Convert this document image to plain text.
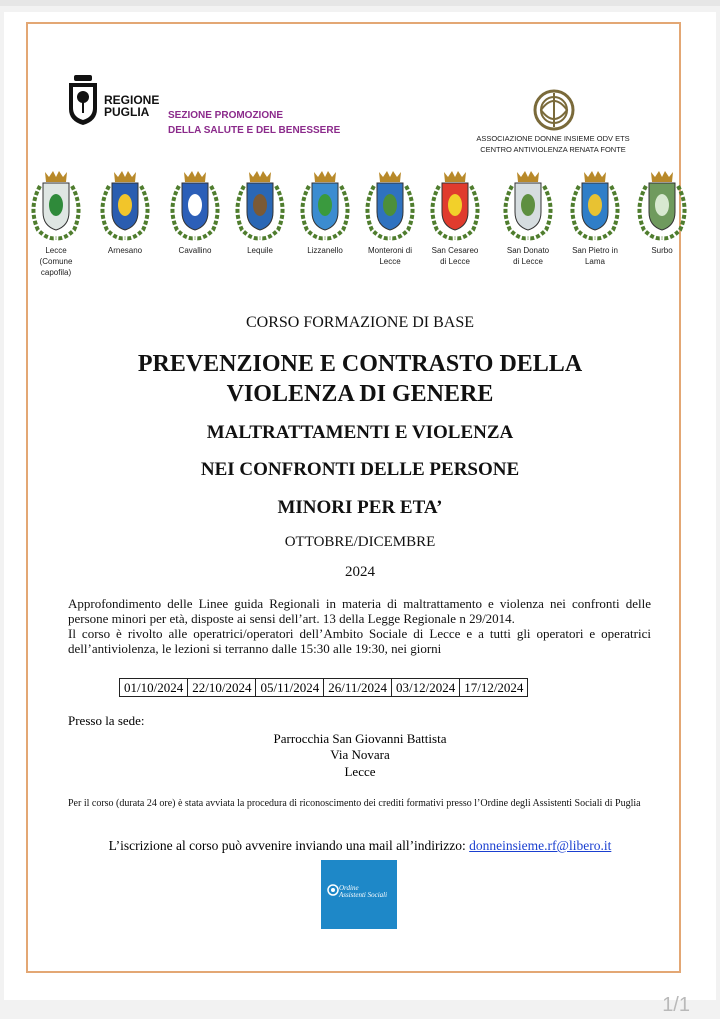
REGIONE
PUGLIA	SEZIONE PROMOZIONE
DELLA SALUTE E DEL BENESSERE
ASSOCIAZIONE DONNE INSIEME ODV ETS
CENTRO ANTIVIOLENZA RENATA FONTE
Lecce
(Comune
capofila)
Arnesano	Cavallino	Lequile	Lizzanello	Monteroni di
Lecce
San Cesareo
di Lecce
San Donato
di Lecce
San Pietro in
Lama
Surbo
CORSO FORMAZIONE DI BASE
PREVENZIONE E CONTRASTO DELLA
VIOLENZA DI GENERE
MALTRATTAMENTI E VIOLENZA
NEI CONFRONTI DELLE PERSONE
MINORI PER ETA’
OTTOBRE/DICEMBRE
2024
Approfondimento delle Linee guida Regionali in materia di maltrattamento e violenza nei confronti delle persone minori per età, disposte ai sensi dell’art. 13 della Legge Regionale n 29/2014.
Il corso è rivolto alle operatrici/operatori dell’Ambito Sociale di Lecce e a tutti gli operatori e operatrici dell’antiviolenza, le lezioni si terranno dalle 15:30 alle 19:30, nei giorni
01/10/2024	22/10/2024	05/11/2024	26/11/2024	03/12/2024	17/12/2024
Presso la sede:
Parrocchia San Giovanni Battista
Via Novara
Lecce
Per il corso (durata 24 ore) è stata avviata la procedura di riconoscimento dei crediti formativi presso l’Ordine degli Assistenti Sociali di Puglia
L’iscrizione al corso può avvenire inviando una mail all’indirizzo: donneinsieme.rf@libero.it
Ordine
Assistenti Sociali
1/1
